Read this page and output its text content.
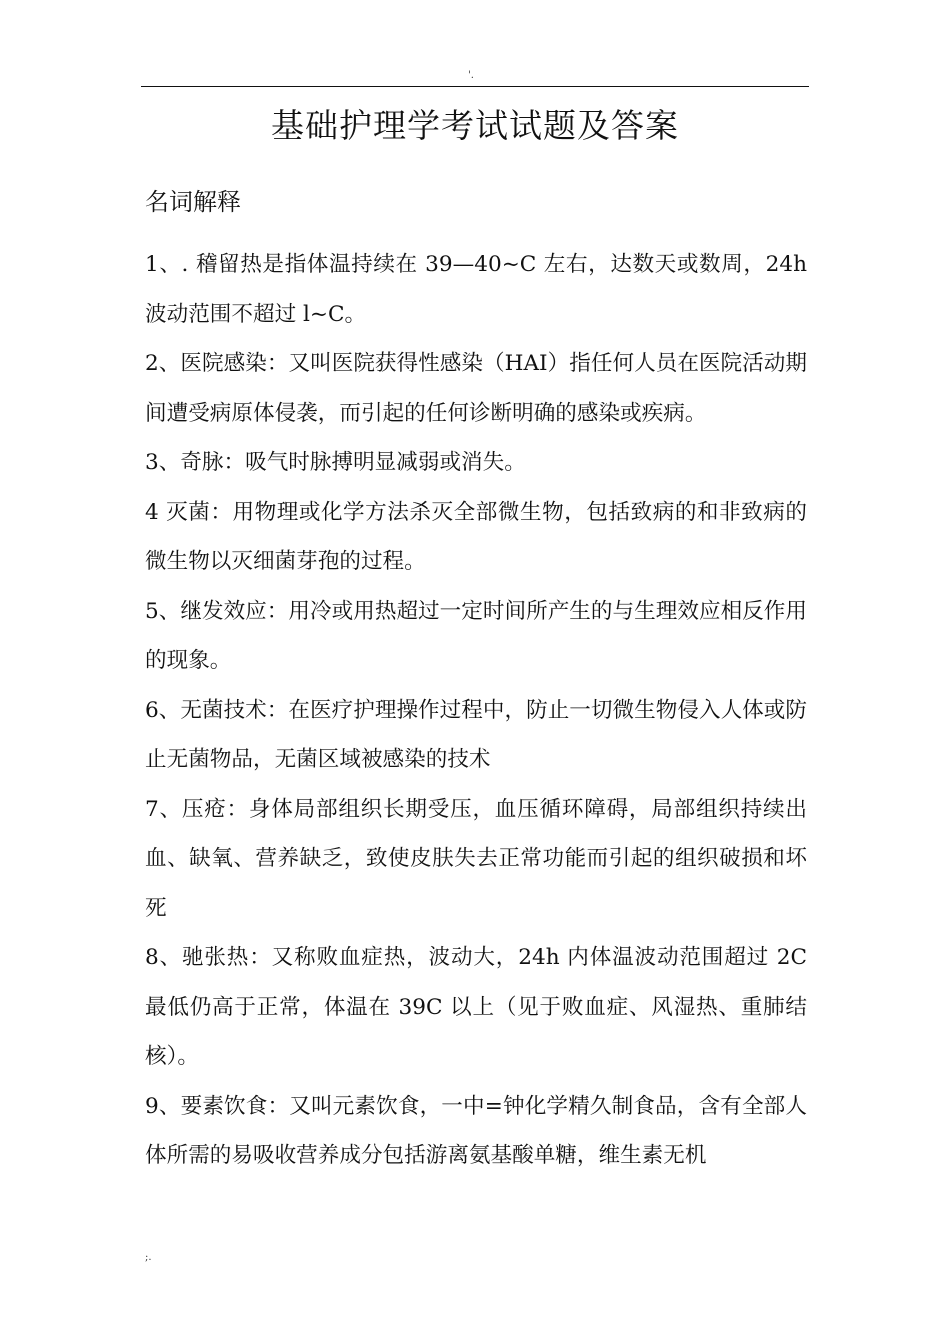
'.
基础护理学考试试题及答案
名词解释

1、. 稽留热是指体温持续在 39—40~C 左右，达数天或数周，24h 波动范围不超过 l~C。

2、医院感染：又叫医院获得性感染（HAI）指任何人员在医院活动期间遭受病原体侵袭，而引起的任何诊断明确的感染或疾病。

3、奇脉：吸气时脉搏明显减弱或消失。

4 灭菌：用物理或化学方法杀灭全部微生物，包括致病的和非致病的微生物以灭细菌芽孢的过程。

5、继发效应：用冷或用热超过一定时间所产生的与生理效应相反作用的现象。

6、无菌技术：在医疗护理操作过程中，防止一切微生物侵入人体或防止无菌物品，无菌区域被感染的技术

7、压疮：身体局部组织长期受压，血压循环障碍，局部组织持续出血、缺氧、营养缺乏，致使皮肤失去正常功能而引起的组织破损和坏死

8、驰张热：又称败血症热，波动大，24h 内体温波动范围超过 2C 最低仍高于正常，体温在 39C 以上（见于败血症、风湿热、重肺结核）。

9、要素饮食：又叫元素饮食，一中=钟化学精久制食品，含有全部人体所需的易吸收营养成分包括游离氨基酸单糖，维生素无机

;.
